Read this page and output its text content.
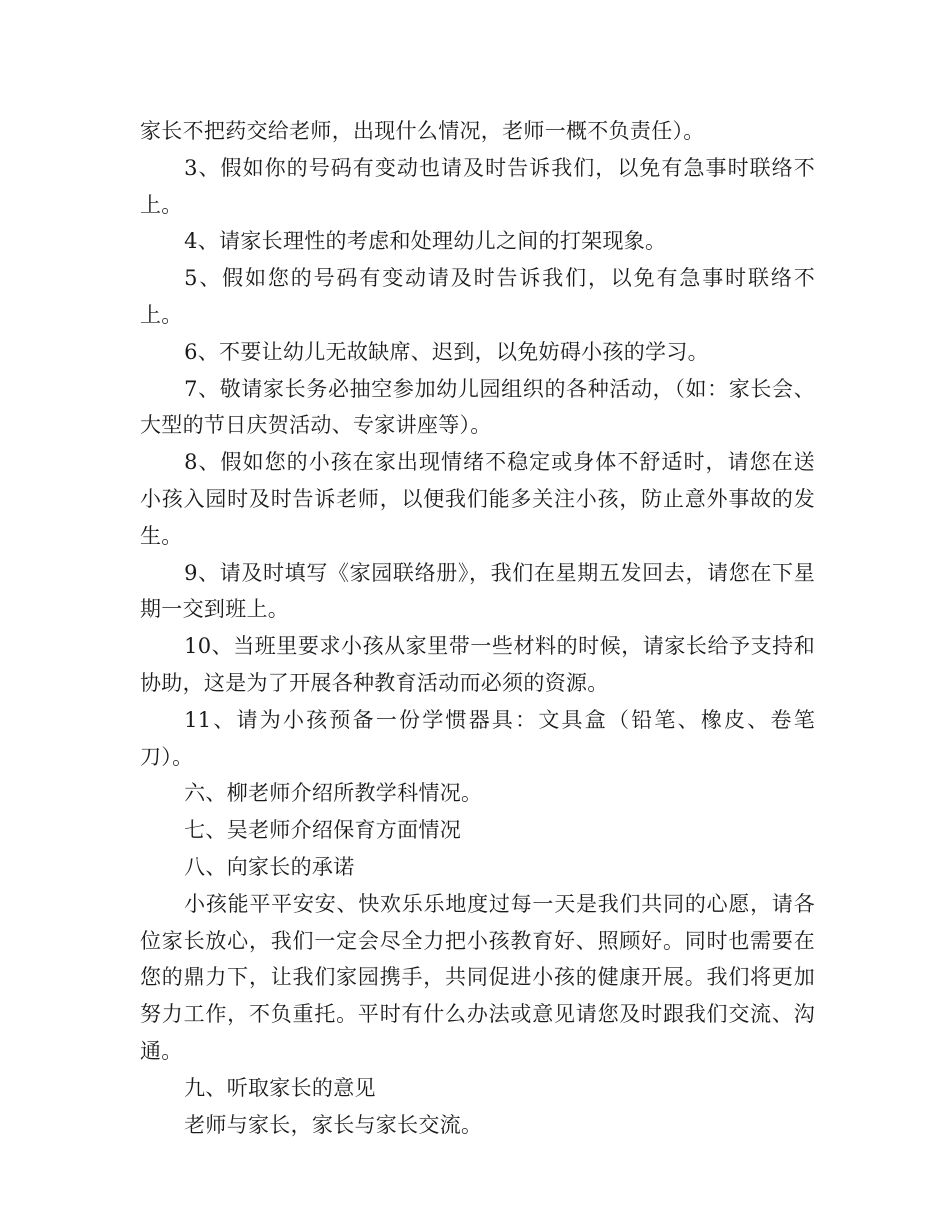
家长不把药交给老师，出现什么情况，老师一概不负责任）。

3、假如你的号码有变动也请及时告诉我们，以免有急事时联络不上。

4、请家长理性的考虑和处理幼儿之间的打架现象。

5、假如您的号码有变动请及时告诉我们，以免有急事时联络不上。

6、不要让幼儿无故缺席、迟到，以免妨碍小孩的学习。

7、敬请家长务必抽空参加幼儿园组织的各种活动，（如：家长会、大型的节日庆贺活动、专家讲座等）。

8、假如您的小孩在家出现情绪不稳定或身体不舒适时，请您在送小孩入园时及时告诉老师，以便我们能多关注小孩，防止意外事故的发生。

9、请及时填写《家园联络册》，我们在星期五发回去，请您在下星期一交到班上。

10、当班里要求小孩从家里带一些材料的时候，请家长给予支持和协助，这是为了开展各种教育活动而必须的资源。

11、请为小孩预备一份学惯器具：文具盒（铅笔、橡皮、卷笔刀）。

六、柳老师介绍所教学科情况。

七、吴老师介绍保育方面情况

八、向家长的承诺

小孩能平平安安、快欢乐乐地度过每一天是我们共同的心愿，请各位家长放心，我们一定会尽全力把小孩教育好、照顾好。同时也需要在您的鼎力下，让我们家园携手，共同促进小孩的健康开展。我们将更加努力工作，不负重托。平时有什么办法或意见请您及时跟我们交流、沟通。

九、听取家长的意见

老师与家长，家长与家长交流。
